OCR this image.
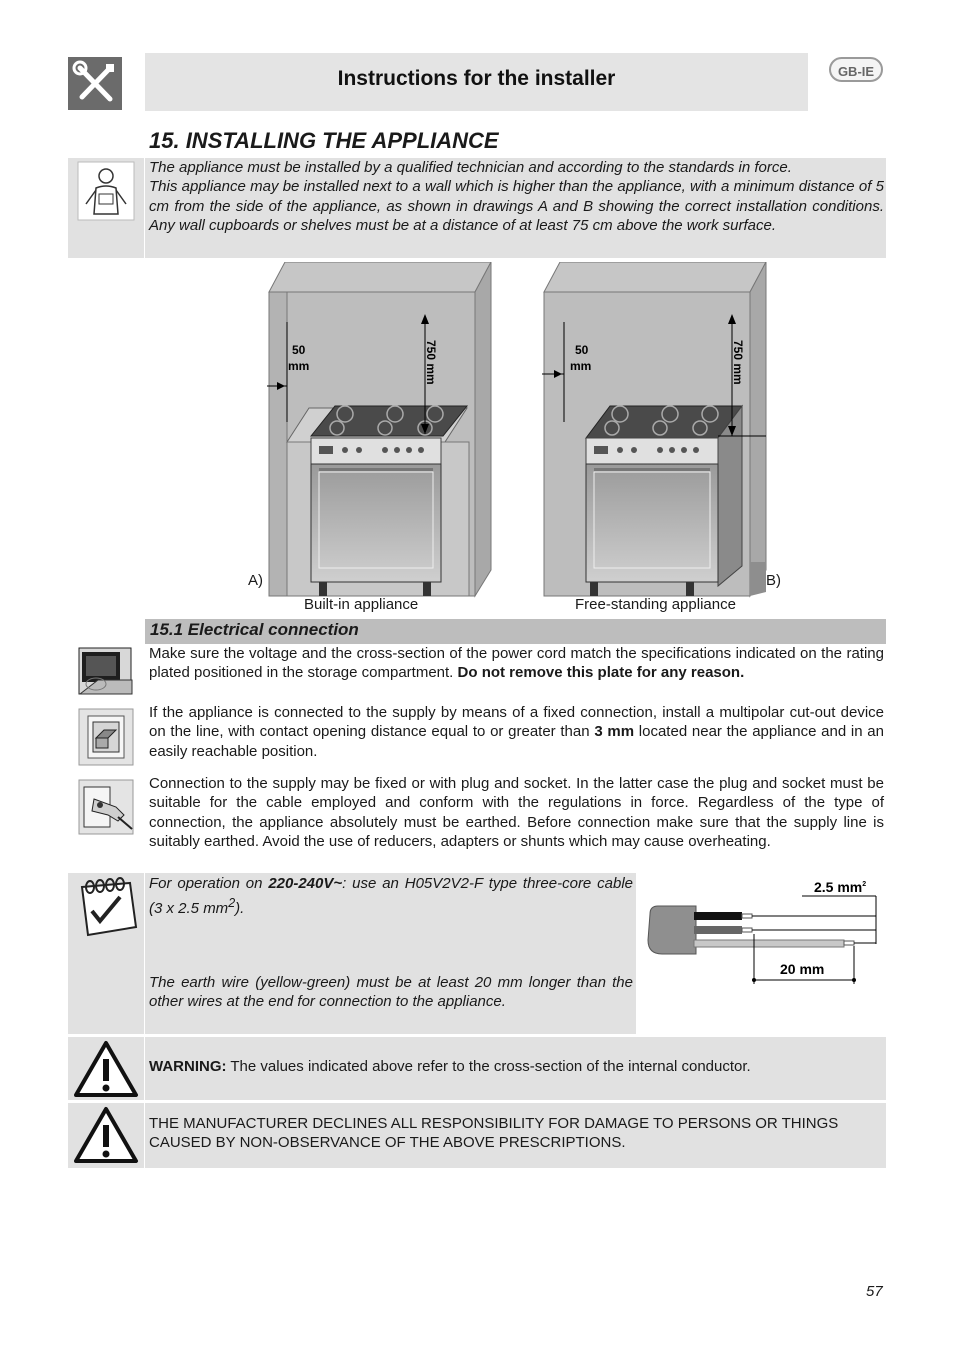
Instructions for the installer	GB-IE
15. INSTALLING THE APPLIANCE
The appliance must be installed by a qualified technician and according to the standards in force.
This appliance may be installed next to a wall which is higher than the appliance, with a minimum distance of 5 cm from the side of the appliance, as shown in drawings A and B showing the correct installation conditions. Any wall cupboards or shelves must be at a distance of at least 75 cm above the work surface.
50
mm	750 mm
A)
Built-in appliance
50
mm	750 mm
B)
Free-standing appliance
15.1 Electrical connection
Make sure the voltage and the cross-section of the power cord match the specifications indicated on the rating plated positioned in the storage compartment. Do not remove this plate for any reason.
If the appliance is connected to the supply by means of a fixed connection, install a multipolar cut-out device on the line, with contact opening distance equal to or greater than 3 mm located near the appliance and in an easily reachable position.
Connection to the supply may be fixed or with plug and socket. In the latter case the plug and socket must be suitable for the cable employed and conform with the regulations in force. Regardless of the type of connection, the appliance absolutely must be earthed. Before connection make sure that the supply line is suitably earthed. Avoid the use of reducers, adapters or shunts which may cause overheating.
For operation on 220-240V~: use an H05V2V2-F type three-core cable (3 x 2.5 $mm^2$).
The earth wire (yellow-green) must be at least 20 mm longer than the other wires at the end for connection to the appliance.
2.5 $mm^2$
20 mm
WARNING: The values indicated above refer to the cross-section of the internal conductor.
THE MANUFACTURER DECLINES ALL RESPONSIBILITY FOR DAMAGE TO PERSONS OR THINGS CAUSED BY NON-OBSERVANCE OF THE ABOVE PRESCRIPTIONS.
57
